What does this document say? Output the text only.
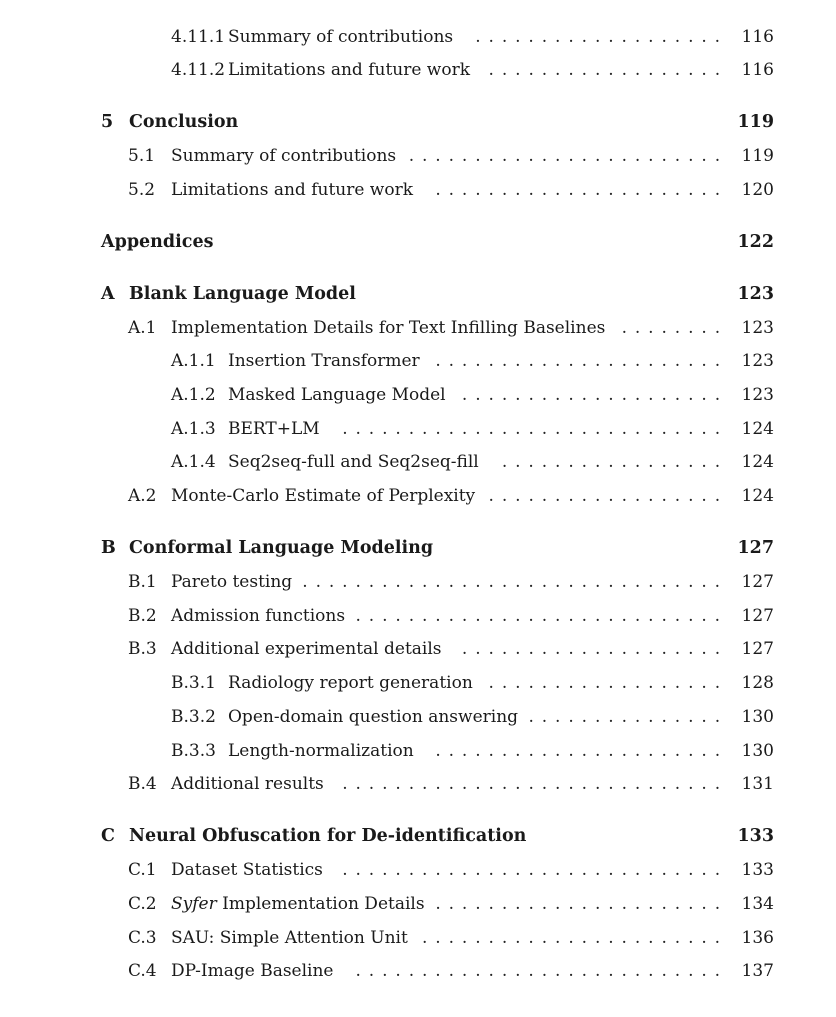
4.11.1 Summary of contributions	116
...................
4.11.2 Limitations and future work	116
..................
5 Conclusion	119
5.1 Summary of contributions	119
........................
5.2 Limitations and future work	120
......................
Appendices	122
A Blank Language Model	123
A.1 Implementation Details for Text Infilling Baselines	123
........
A.1.1 Insertion Transformer	123
......................
A.1.2 Masked Language Model	123
....................
A.1.3 BERT+LM	124
.............................
A.1.4 Seq2seq-full and Seq2seq-fill	124
.................
A.2 Monte-Carlo Estimate of Perplexity	124
..................
B Conformal Language Modeling	127
B.1 Pareto testing	127
................................
B.2 Admission functions	127
............................
B.3 Additional experimental details	127
....................
B.3.1 Radiology report generation	128
..................
B.3.2 Open-domain question answering	130
...............
B.3.3 Length-normalization	130
......................
B.4 Additional results	131
.............................
C Neural Obfuscation for De-identification	133
C.1 Dataset Statistics	133
.............................
C.2 Syfer Implementation Details	134
......................
C.3 SAU: Simple Attention Unit	136
.......................
C.4 DP-Image Baseline	137
............................
